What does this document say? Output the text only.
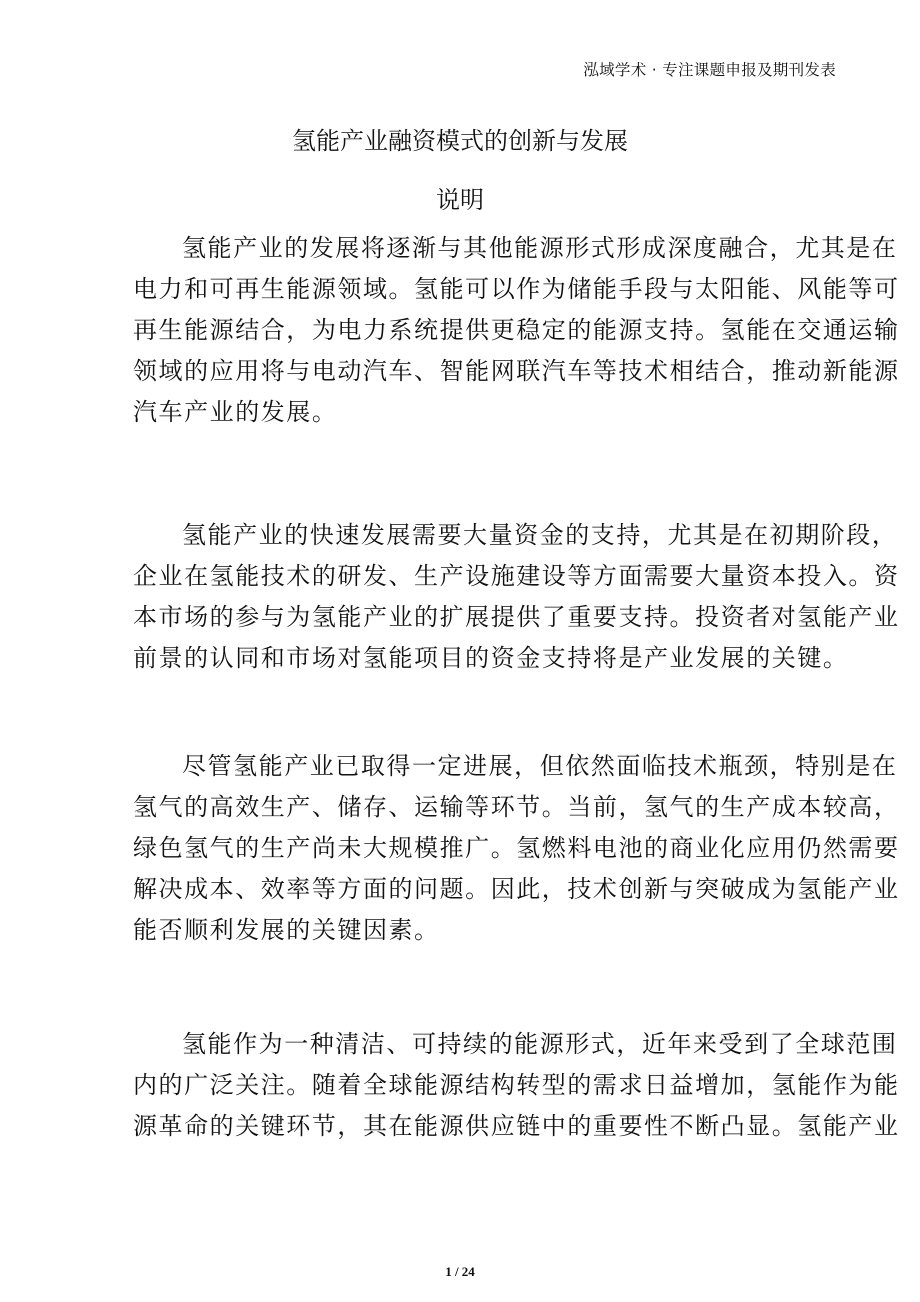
泓域学术 · 专注课题申报及期刊发表
氢能产业融资模式的创新与发展
说明
氢能产业的发展将逐渐与其他能源形式形成深度融合，尤其是在
电力和可再生能源领域。氢能可以作为储能手段与太阳能、风能等可
再生能源结合，为电力系统提供更稳定的能源支持。氢能在交通运输
领域的应用将与电动汽车、智能网联汽车等技术相结合，推动新能源
汽车产业的发展。
氢能产业的快速发展需要大量资金的支持，尤其是在初期阶段，
企业在氢能技术的研发、生产设施建设等方面需要大量资本投入。资
本市场的参与为氢能产业的扩展提供了重要支持。投资者对氢能产业
前景的认同和市场对氢能项目的资金支持将是产业发展的关键。
尽管氢能产业已取得一定进展，但依然面临技术瓶颈，特别是在
氢气的高效生产、储存、运输等环节。当前，氢气的生产成本较高，
绿色氢气的生产尚未大规模推广。氢燃料电池的商业化应用仍然需要
解决成本、效率等方面的问题。因此，技术创新与突破成为氢能产业
能否顺利发展的关键因素。
氢能作为一种清洁、可持续的能源形式，近年来受到了全球范围
内的广泛关注。随着全球能源结构转型的需求日益增加，氢能作为能
源革命的关键环节，其在能源供应链中的重要性不断凸显。氢能产业
1 / 24
